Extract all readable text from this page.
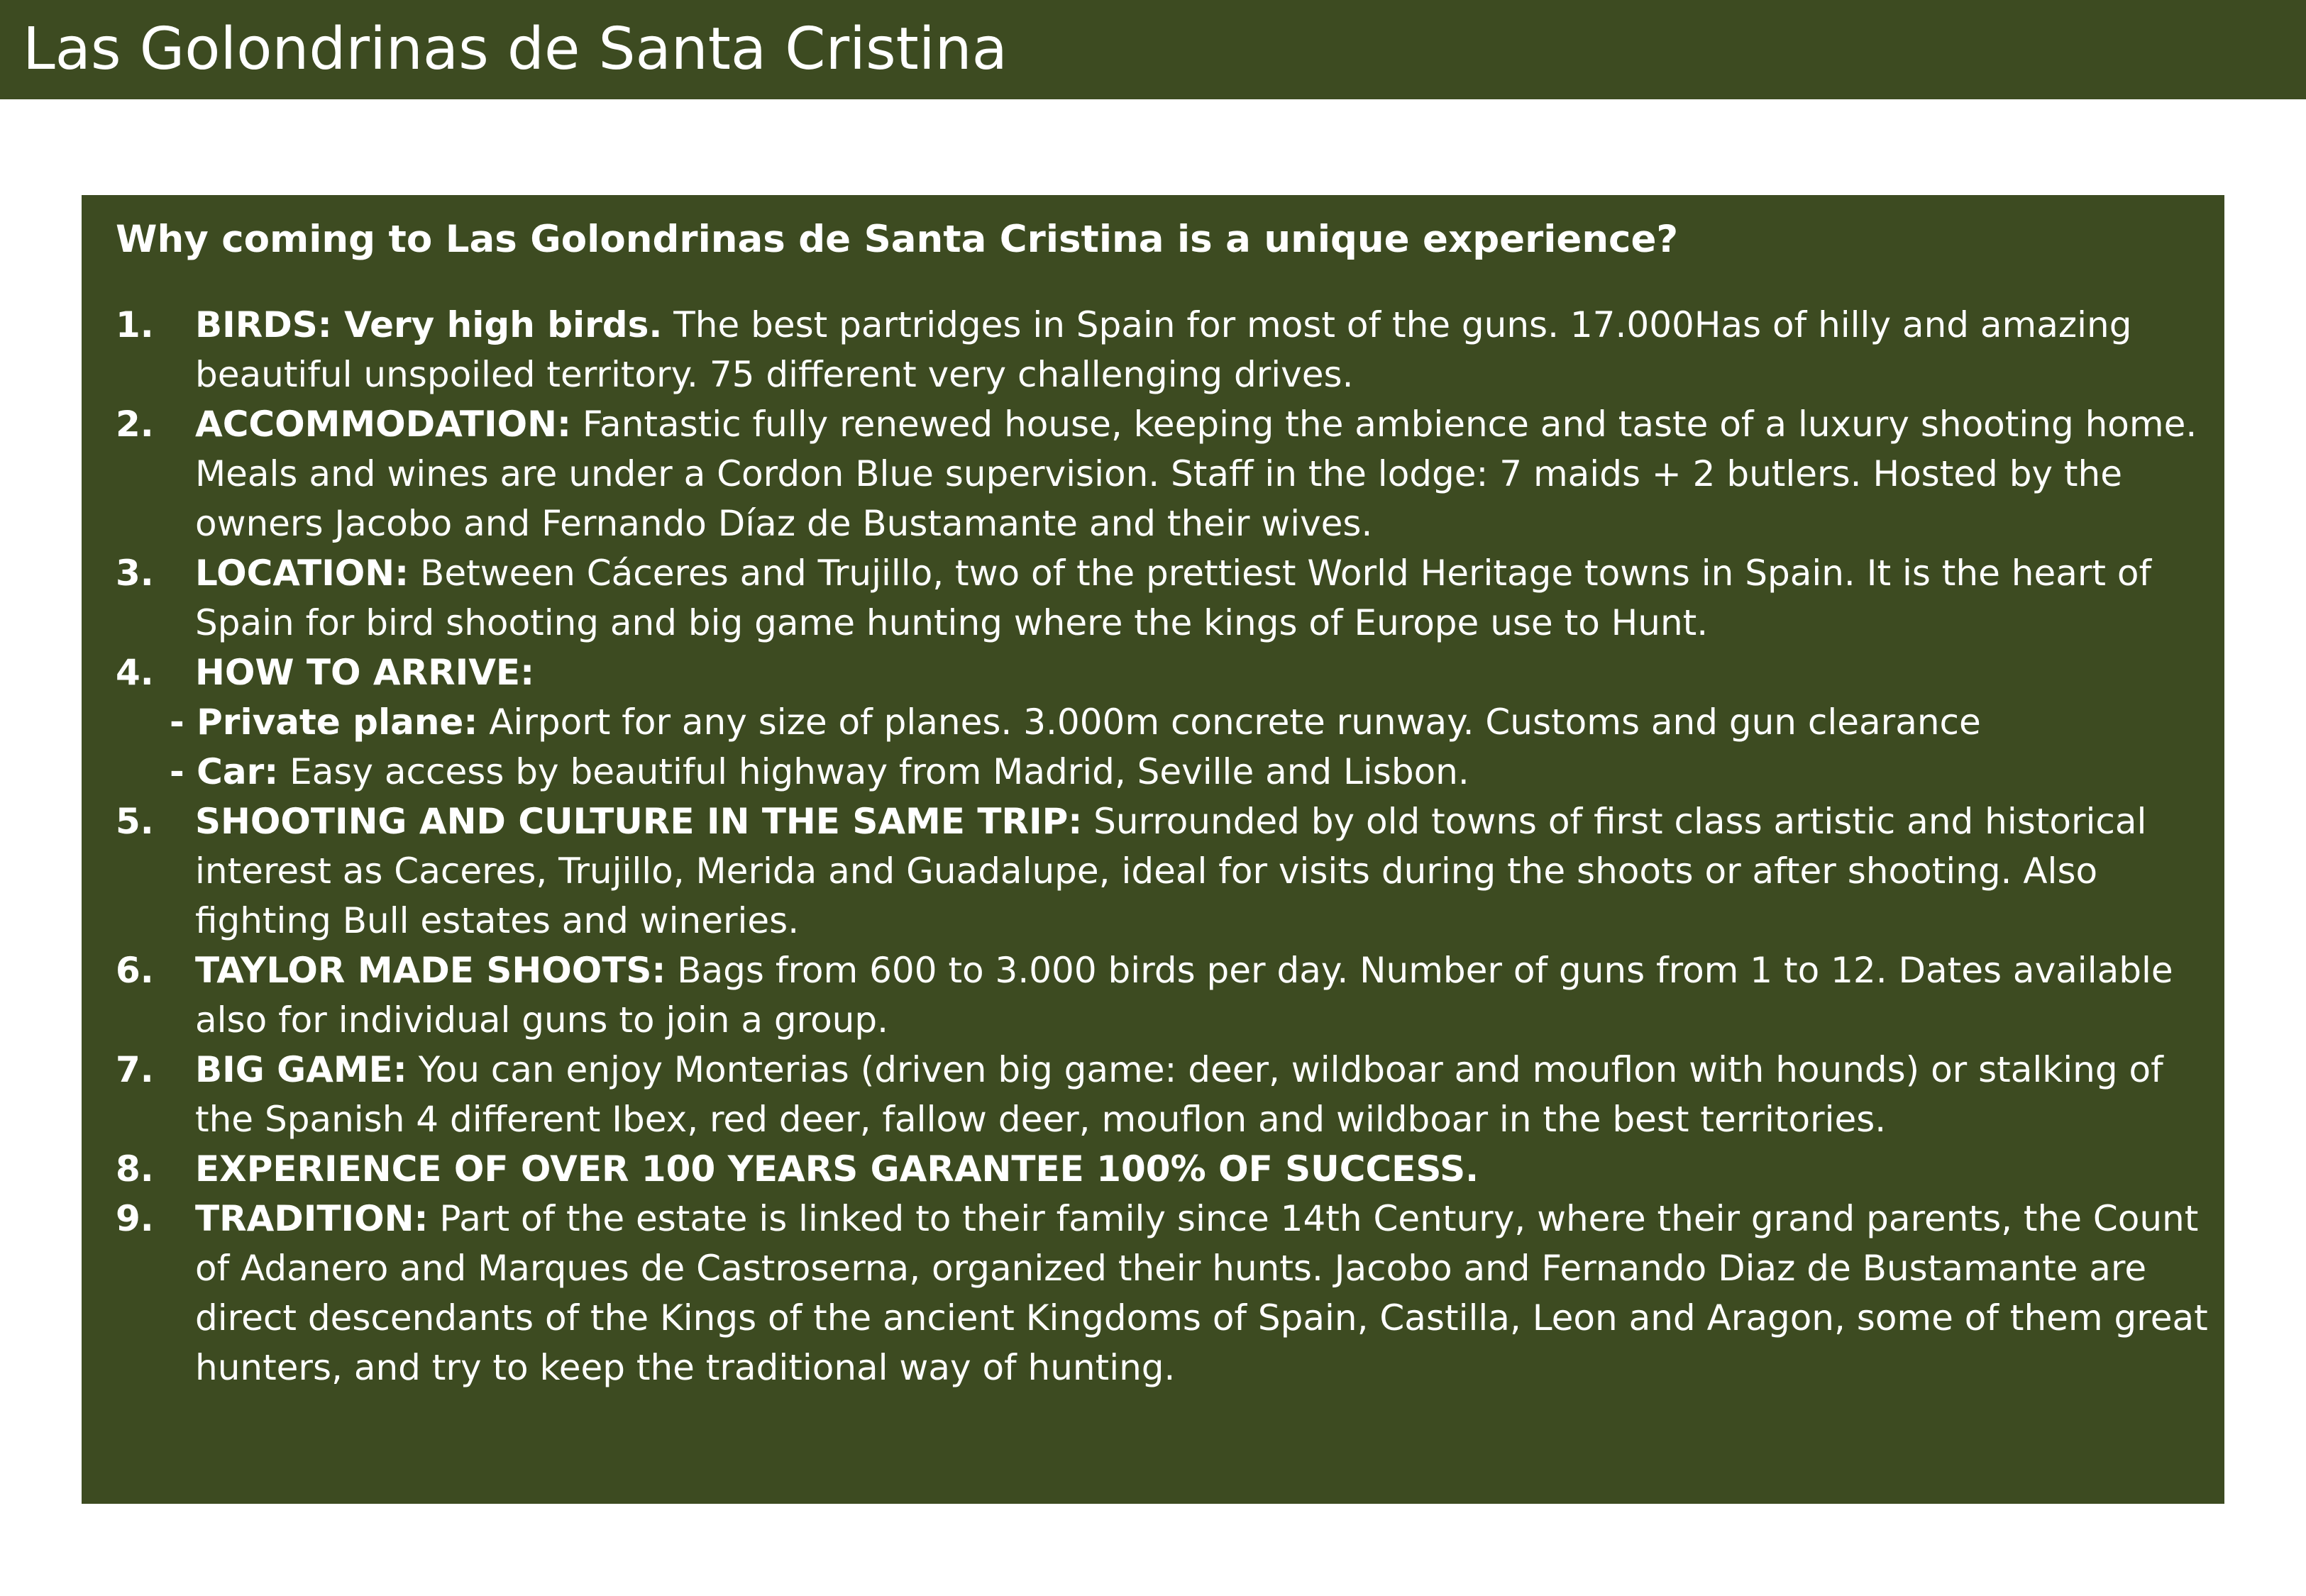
Las Golondrinas de Santa Cristina
Why coming to Las Golondrinas de Santa Cristina is a unique experience?
1. BIRDS: Very high birds. The best partridges in Spain for most of the guns. 17.000Has of hilly and amazing beautiful unspoiled territory. 75 different very challenging drives.
2. ACCOMMODATION: Fantastic fully renewed house, keeping the ambience and taste of a luxury shooting home. Meals and wines are under a Cordon Blue supervision. Staff in the lodge: 7 maids + 2 butlers. Hosted by the owners Jacobo and Fernando Díaz de Bustamante and their wives.
3. LOCATION: Between Cáceres and Trujillo, two of the prettiest World Heritage towns in Spain. It is the heart of Spain for bird shooting and big game hunting where the kings of Europe use to Hunt.
4. HOW TO ARRIVE:
- Private plane: Airport for any size of planes. 3.000m concrete runway. Customs and gun clearance
- Car: Easy access by beautiful highway from Madrid, Seville and Lisbon.
5. SHOOTING AND CULTURE IN THE SAME TRIP: Surrounded by old towns of first class artistic and historical interest as Caceres, Trujillo, Merida and Guadalupe, ideal for visits during the shoots or after shooting. Also fighting Bull estates and wineries.
6. TAYLOR MADE SHOOTS: Bags from 600 to 3.000 birds per day. Number of guns from 1 to 12. Dates available also for individual guns to join a group.
7. BIG GAME: You can enjoy Monterias (driven big game: deer, wildboar and mouflon with hounds) or stalking of the Spanish 4 different Ibex, red deer, fallow deer, mouflon and wildboar in the best territories.
8. EXPERIENCE OF OVER 100 YEARS GARANTEE 100% OF SUCCESS.
9. TRADITION: Part of the estate is linked to their family since 14th Century, where their grand parents, the Count of Adanero and Marques de Castroserna, organized their hunts. Jacobo and Fernando Diaz de Bustamante are direct descendants of the Kings of the ancient Kingdoms of Spain, Castilla, Leon and Aragon, some of them great hunters, and try to keep the traditional way of hunting.
